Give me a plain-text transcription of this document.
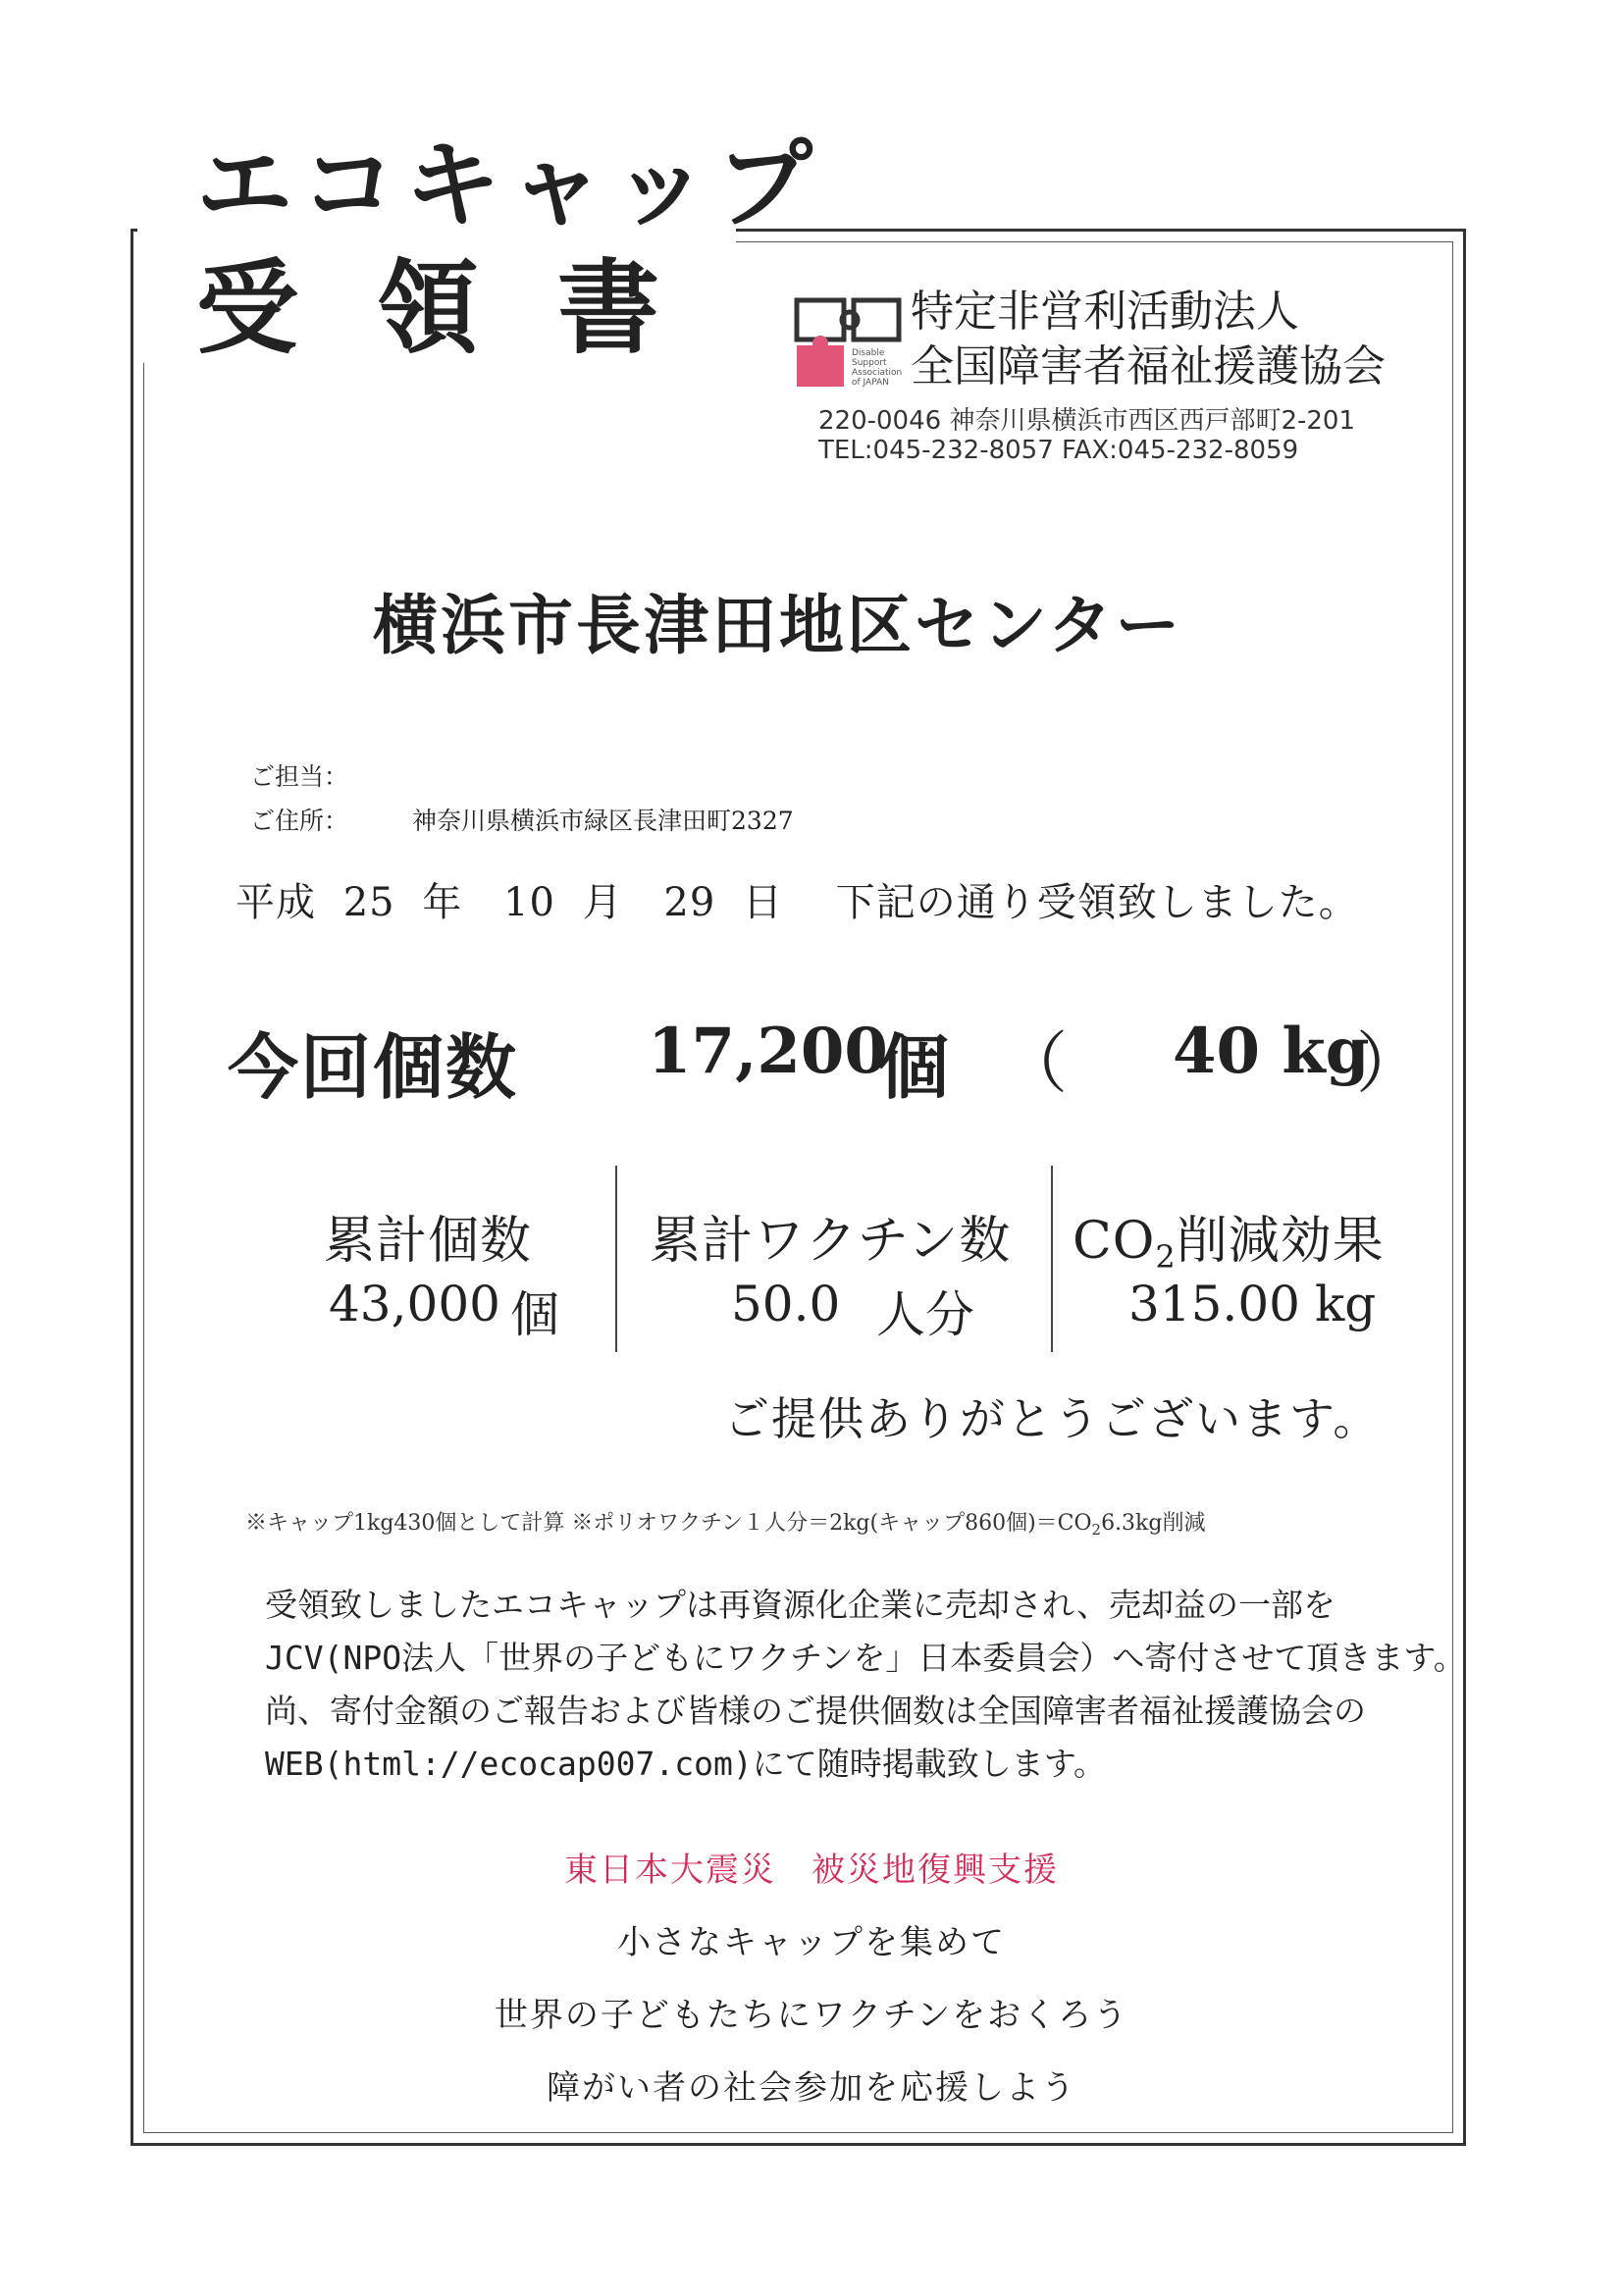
エコキャップ
受領書	Disable
Support
Association
of JAPAN
特定非営利活動法人
全国障害者福祉援護協会
220-0046 神奈川県横浜市西区西戸部町2-201
TEL:045-232-8057 FAX:045-232-8059
横浜市長津田地区センター
ご担当：
ご住所：	神奈川県横浜市緑区長津田町2327
平成 25 年 10 月 29 日 下記の通り受領致しました。
今回個数 17,200
個 （ 40 kg
）
累計個数
43,000 個
累計ワクチン数
50.0 人分
CO2削減効果
315.00 kg
ご提供ありがとうございます。
※キャップ1kg430個として計算 ※ポリオワクチン１人分＝2kg(キャップ860個)$=CO_26.3kg$削減
受領致しましたエコキャップは再資源化企業に売却され、売却益の一部を
JCV(NPO法人「世界の子どもにワクチンを」日本委員会）へ寄付させて頂きます。
尚、寄付金額のご報告および皆様のご提供個数は全国障害者福祉援護協会の
WEB(html://ecocap007.com)にて随時掲載致します。
東日本大震災　被災地復興支援
小さなキャップを集めて
世界の子どもたちにワクチンをおくろう
障がい者の社会参加を応援しよう
